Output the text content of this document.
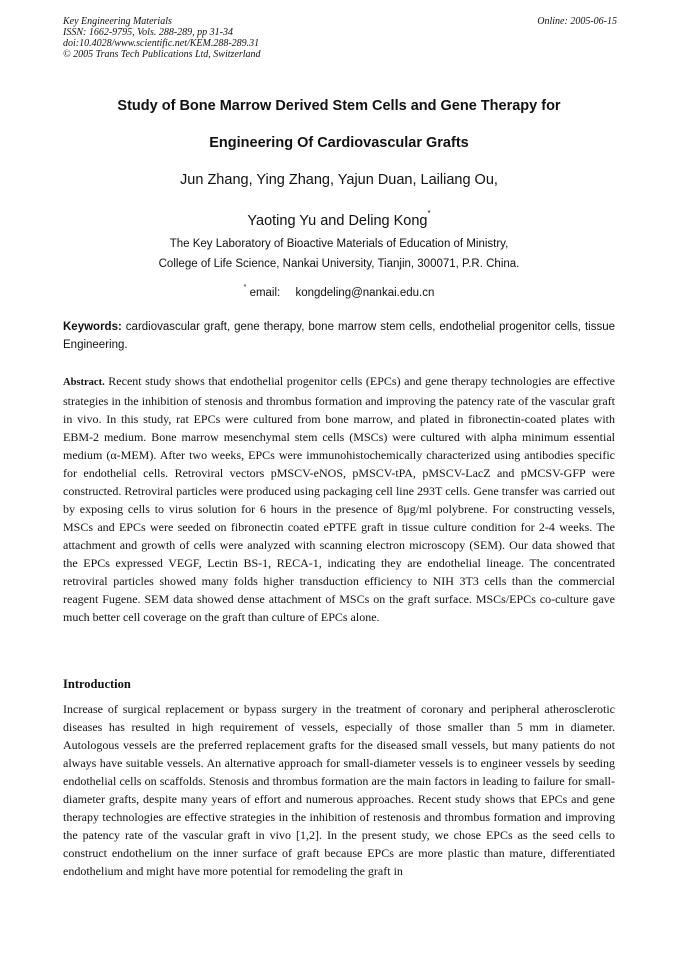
Key Engineering Materials
ISSN: 1662-9795, Vols. 288-289, pp 31-34
doi:10.4028/www.scientific.net/KEM.288-289.31
© 2005 Trans Tech Publications Ltd, Switzerland
Online: 2005-06-15
Study of Bone Marrow Derived Stem Cells and Gene Therapy for
Engineering Of Cardiovascular Grafts
Jun Zhang, Ying Zhang, Yajun Duan, Lailiang Ou,
Yaoting Yu and Deling Kong*
The Key Laboratory of Bioactive Materials of Education of Ministry,
College of Life Science, Nankai University, Tianjin, 300071, P.R. China.
* email: kongdeling@nankai.edu.cn
Keywords: cardiovascular graft, gene therapy, bone marrow stem cells, endothelial progenitor cells, tissue Engineering.
Abstract. Recent study shows that endothelial progenitor cells (EPCs) and gene therapy technologies are effective strategies in the inhibition of stenosis and thrombus formation and improving the patency rate of the vascular graft in vivo. In this study, rat EPCs were cultured from bone marrow, and plated in fibronectin-coated plates with EBM-2 medium. Bone marrow mesenchymal stem cells (MSCs) were cultured with alpha minimum essential medium (α-MEM). After two weeks, EPCs were immunohistochemically characterized using antibodies specific for endothelial cells. Retroviral vectors pMSCV-eNOS, pMSCV-tPA, pMSCV-LacZ and pMCSV-GFP were constructed. Retroviral particles were produced using packaging cell line 293T cells. Gene transfer was carried out by exposing cells to virus solution for 6 hours in the presence of 8μg/ml polybrene. For constructing vessels, MSCs and EPCs were seeded on fibronectin coated ePTFE graft in tissue culture condition for 2-4 weeks. The attachment and growth of cells were analyzed with scanning electron microscopy (SEM). Our data showed that the EPCs expressed VEGF, Lectin BS-1, RECA-1, indicating they are endothelial lineage. The concentrated retroviral particles showed many folds higher transduction efficiency to NIH 3T3 cells than the commercial reagent Fugene. SEM data showed dense attachment of MSCs on the graft surface. MSCs/EPCs co-culture gave much better cell coverage on the graft than culture of EPCs alone.
Introduction
Increase of surgical replacement or bypass surgery in the treatment of coronary and peripheral atherosclerotic diseases has resulted in high requirement of vessels, especially of those smaller than 5 mm in diameter. Autologous vessels are the preferred replacement grafts for the diseased small vessels, but many patients do not always have suitable vessels. An alternative approach for small-diameter vessels is to engineer vessels by seeding endothelial cells on scaffolds. Stenosis and thrombus formation are the main factors in leading to failure for small-diameter grafts, despite many years of effort and numerous approaches. Recent study shows that EPCs and gene therapy technologies are effective strategies in the inhibition of restenosis and thrombus formation and improving the patency rate of the vascular graft in vivo [1,2]. In the present study, we chose EPCs as the seed cells to construct endothelium on the inner surface of graft because EPCs are more plastic than mature, differentiated endothelium and might have more potential for remodeling the graft in
